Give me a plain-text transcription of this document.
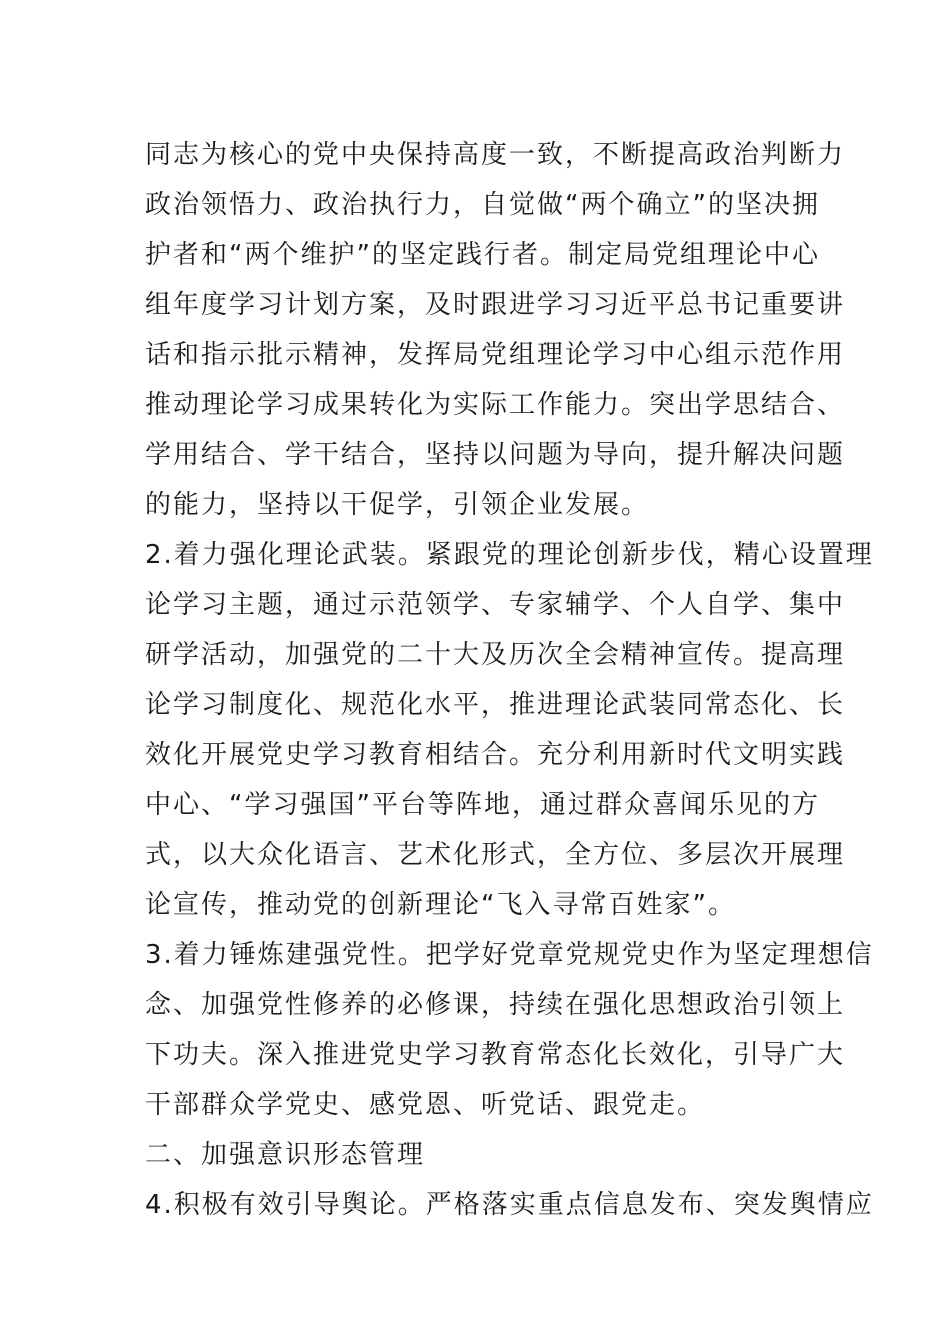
同志为核心的党中央保持高度一致，不断提高政治判断力
政治领悟力、政治执行力，自觉做“两个确立”的坚决拥
护者和“两个维护”的坚定践行者。制定局党组理论中心
组年度学习计划方案，及时跟进学习习近平总书记重要讲
话和指示批示精神，发挥局党组理论学习中心组示范作用
推动理论学习成果转化为实际工作能力。突出学思结合、
学用结合、学干结合，坚持以问题为导向，提升解决问题
的能力，坚持以干促学，引领企业发展。
2.着力强化理论武装。紧跟党的理论创新步伐，精心设置理
论学习主题，通过示范领学、专家辅学、个人自学、集中
研学活动，加强党的二十大及历次全会精神宣传。提高理
论学习制度化、规范化水平，推进理论武装同常态化、长
效化开展党史学习教育相结合。充分利用新时代文明实践
中心、“学习强国”平台等阵地，通过群众喜闻乐见的方
式，以大众化语言、艺术化形式，全方位、多层次开展理
论宣传，推动党的创新理论“飞入寻常百姓家”。
3.着力锤炼建强党性。把学好党章党规党史作为坚定理想信
念、加强党性修养的必修课，持续在强化思想政治引领上
下功夫。深入推进党史学习教育常态化长效化，引导广大
干部群众学党史、感党恩、听党话、跟党走。
二、加强意识形态管理
4.积极有效引导舆论。严格落实重点信息发布、突发舆情应
